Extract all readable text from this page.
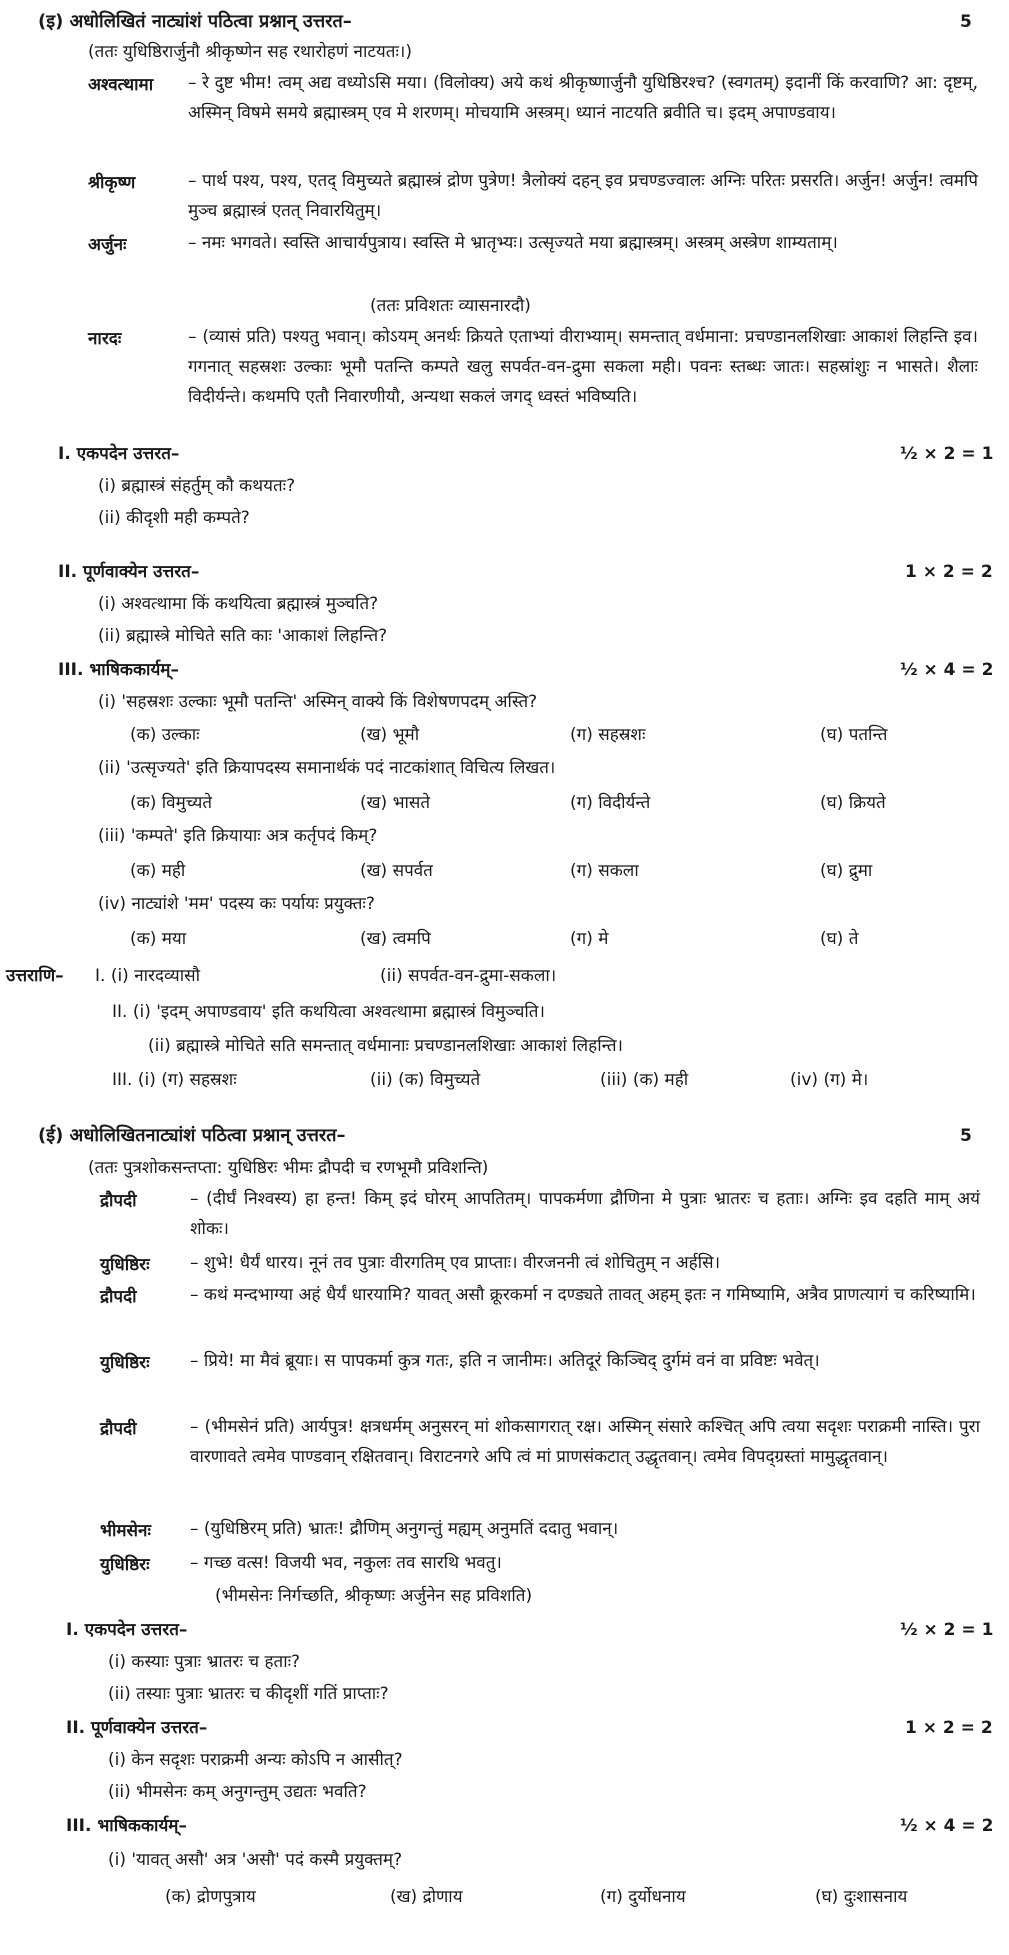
(इ) अधोलिखितं नाट्यांशं पठित्वा प्रश्नान् उत्तरत–	5
(ततः युधिष्ठिरार्जुनौ श्रीकृष्णेन सह रथारोहणं नाटयतः।)
अश्वत्थामा – रे दुष्ट भीम! त्वम् अद्य वध्योऽसि मया। (विलोक्य) अये कथं श्रीकृष्णार्जुनौ युधिष्ठिरश्च? (स्वगतम्) इदानीं किं करवाणि? आ: दृष्टम्, अस्मिन् विषमे समये ब्रह्मास्त्रम् एव मे शरणम्। मोचयामि अस्त्रम्। ध्यानं नाटयति ब्रवीति च। इदम् अपाण्डवाय।
श्रीकृष्ण	– पार्थ पश्य, पश्य, एतद् विमुच्यते ब्रह्मास्त्रं द्रोण पुत्रेण! त्रैलोक्यं दहन् इव प्रचण्डज्वालः अग्निः परितः प्रसरति। अर्जुन! अर्जुन! त्वमपि मुञ्च ब्रह्मास्त्रं एतत् निवारयितुम्।
अर्जुनः	– नमः भगवते। स्वस्ति आचार्यपुत्राय। स्वस्ति मे भ्रातृभ्यः। उत्सृज्यते मया ब्रह्मास्त्रम्। अस्त्रम् अस्त्रेण शाम्यताम्।
(ततः प्रविशतः व्यासनारदौ)
नारदः	– (व्यासं प्रति) पश्यतु भवान्। कोऽयम् अनर्थः क्रियते एताभ्यां वीराभ्याम्। समन्तात् वर्धमाना: प्रचण्डानलशिखाः आकाशं लिहन्ति इव। गगनात् सहस्रशः उल्काः भूमौ पतन्ति कम्पते खलु सपर्वत-वन-द्रुमा सकला मही। पवनः स्तब्धः जातः। सहस्रांशुः न भासते। शैलाः विदीर्यन्ते। कथमपि एतौ निवारणीयौ, अन्यथा सकलं जगद् ध्वस्तं भविष्यति।
I. एकपदेन उत्तरत–	½ × 2 = 1
(i) ब्रह्मास्त्रं संहर्तुम् कौ कथयतः?
(ii) कीदृशी मही कम्पते?
II. पूर्णवाक्येन उत्तरत–	1 × 2 = 2
(i) अश्वत्थामा किं कथयित्वा ब्रह्मास्त्रं मुञ्चति?
(ii) ब्रह्मास्त्रे मोचिते सति काः 'आकाशं लिहन्ति?
III. भाषिककार्यम्–	½ × 4 = 2
(i) 'सहस्रशः उल्काः भूमौ पतन्ति' अस्मिन् वाक्ये किं विशेषणपदम् अस्ति?
(क) उल्काः	(ख) भूमौ	(ग) सहस्रशः	(घ) पतन्ति
(ii) 'उत्सृज्यते' इति क्रियापदस्य समानार्थकं पदं नाटकांशात् विचित्य लिखत।
(क) विमुच्यते	(ख) भासते	(ग) विदीर्यन्ते	(घ) क्रियते
(iii) 'कम्पते' इति क्रियायाः अत्र कर्तृपदं किम्?
(क) मही	(ख) सपर्वत	(ग) सकला	(घ) द्रुमा
(iv) नाट्यांशे 'मम' पदस्य कः पर्यायः प्रयुक्तः?
(क) मया	(ख) त्वमपि	(ग) मे	(घ) ते
उत्तराणि– I. (i) नारदव्यासौ	(ii) सपर्वत-वन-द्रुमा-सकला।
II. (i) 'इदम् अपाण्डवाय' इति कथयित्वा अश्वत्थामा ब्रह्मास्त्रं विमुञ्चति।
(ii) ब्रह्मास्त्रे मोचिते सति समन्तात् वर्धमानाः प्रचण्डानलशिखाः आकाशं लिहन्ति।
III. (i) (ग) सहस्रशः	(ii) (क) विमुच्यते	(iii) (क) मही	(iv) (ग) मे।
(ई) अधोलिखितनाट्यांशं पठित्वा प्रश्नान् उत्तरत–	5
(ततः पुत्रशोकसन्तप्ता: युधिष्ठिरः भीमः द्रौपदी च रणभूमौ प्रविशन्ति)
द्रौपदी	– (दीर्घं निश्वस्य) हा हन्त! किम् इदं घोरम् आपतितम्। पापकर्मणा द्रौणिना मे पुत्राः भ्रातरः च हताः। अग्निः इव दहति माम् अयं शोकः।
युधिष्ठिरः – शुभे! धैर्यं धारय। नूनं तव पुत्राः वीरगतिम् एव प्राप्ताः। वीरजननी त्वं शोचितुम् न अर्हसि।
द्रौपदी	– कथं मन्दभाग्या अहं धैर्यं धारयामि? यावत् असौ क्रूरकर्मा न दण्ड्यते तावत् अहम् इतः न गमिष्यामि, अत्रैव प्राणत्यागं च करिष्यामि।
युधिष्ठिरः – प्रिये! मा मैवं ब्रूयाः। स पापकर्मा कुत्र गतः, इति न जानीमः। अतिदूरं किञ्चिद् दुर्गमं वनं वा प्रविष्टः भवेत्।
द्रौपदी	– (भीमसेनं प्रति) आर्यपुत्र! क्षत्रधर्मम् अनुसरन् मां शोकसागरात् रक्ष। अस्मिन् संसारे कश्चित् अपि त्वया सदृशः पराक्रमी नास्ति। पुरा वारणावते त्वमेव पाण्डवान् रक्षितवान्। विराटनगरे अपि त्वं मां प्राणसंकटात् उद्धृतवान्। त्वमेव विपद्ग्रस्तां मामुद्धृतवान्।
भीमसेनः – (युधिष्ठिरम् प्रति) भ्रातः! द्रौणिम् अनुगन्तुं मह्यम् अनुमतिं ददातु भवान्।
युधिष्ठिरः – गच्छ वत्स! विजयी भव, नकुलः तव सारथि भवतु।
(भीमसेनः निर्गच्छति, श्रीकृष्णः अर्जुनेन सह प्रविशति)
I. एकपदेन उत्तरत–	½ × 2 = 1
(i) कस्याः पुत्राः भ्रातरः च हताः?
(ii) तस्याः पुत्राः भ्रातरः च कीदृशीं गतिं प्राप्ताः?
II. पूर्णवाक्येन उत्तरत–	1 × 2 = 2
(i) केन सदृशः पराक्रमी अन्यः कोऽपि न आसीत्?
(ii) भीमसेनः कम् अनुगन्तुम् उद्यतः भवति?
III. भाषिककार्यम्–	½ × 4 = 2
(i) 'यावत् असौ' अत्र 'असौ' पदं कस्मै प्रयुक्तम्?
(क) द्रोणपुत्राय	(ख) द्रोणाय	(ग) दुर्योधनाय	(घ) दुःशासनाय
